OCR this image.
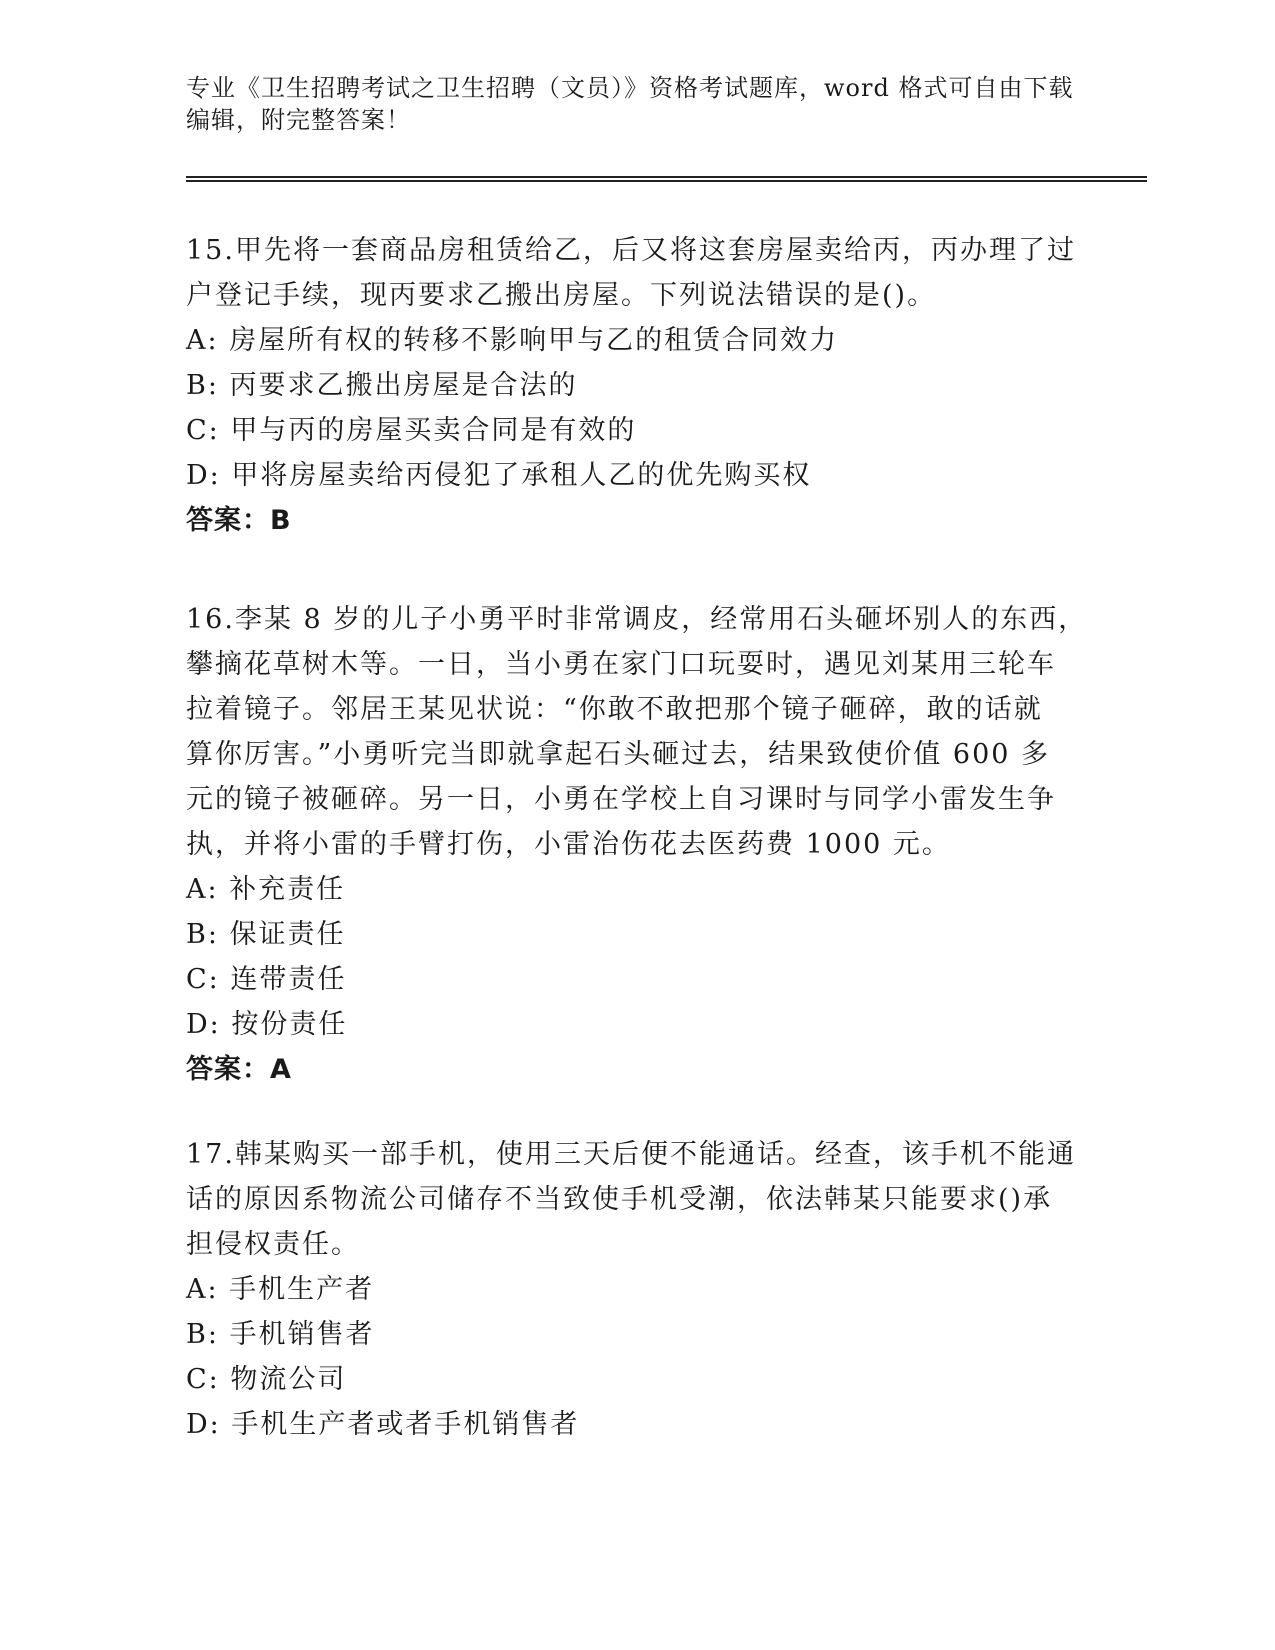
专业《卫生招聘考试之卫生招聘（文员）》资格考试题库，word 格式可自由下载
编辑，附完整答案！
15.甲先将一套商品房租赁给乙，后又将这套房屋卖给丙，丙办理了过
户登记手续，现丙要求乙搬出房屋。下列说法错误的是()。
A: 房屋所有权的转移不影响甲与乙的租赁合同效力
B: 丙要求乙搬出房屋是合法的
C: 甲与丙的房屋买卖合同是有效的
D: 甲将房屋卖给丙侵犯了承租人乙的优先购买权
答案：B
16.李某 8 岁的儿子小勇平时非常调皮，经常用石头砸坏别人的东西，
攀摘花草树木等。一日，当小勇在家门口玩耍时，遇见刘某用三轮车
拉着镜子。邻居王某见状说：“你敢不敢把那个镜子砸碎，敢的话就
算你厉害。”小勇听完当即就拿起石头砸过去，结果致使价值 600 多
元的镜子被砸碎。另一日，小勇在学校上自习课时与同学小雷发生争
执，并将小雷的手臂打伤，小雷治伤花去医药费 1000 元。
A: 补充责任
B: 保证责任
C: 连带责任
D: 按份责任
答案：A
17.韩某购买一部手机，使用三天后便不能通话。经查，该手机不能通
话的原因系物流公司储存不当致使手机受潮，依法韩某只能要求()承
担侵权责任。
A: 手机生产者
B: 手机销售者
C: 物流公司
D: 手机生产者或者手机销售者
